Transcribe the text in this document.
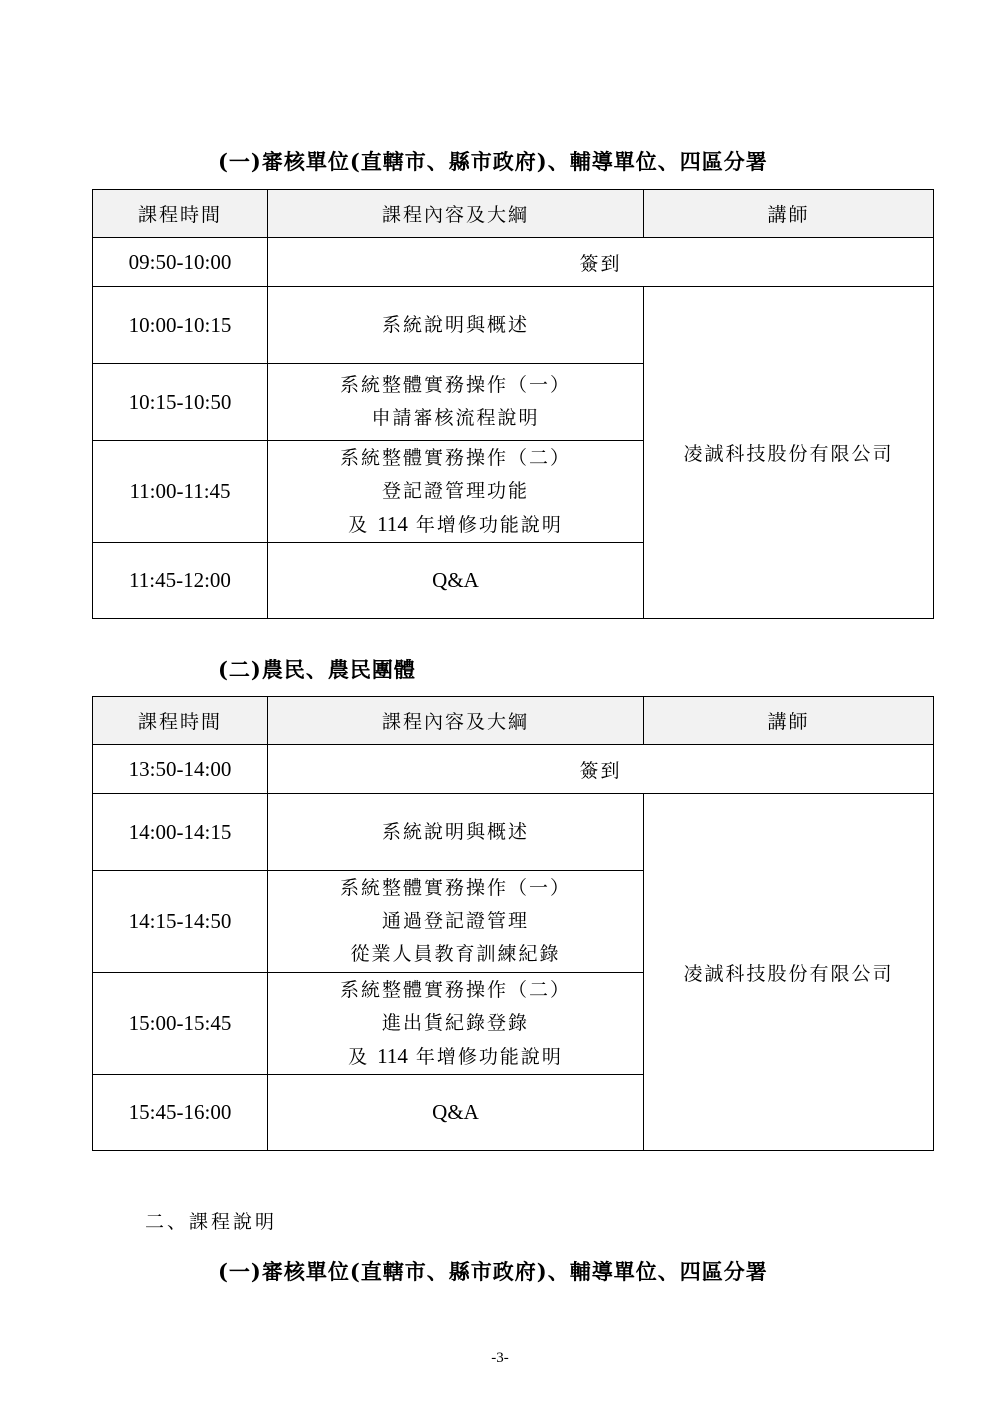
(一)審核單位(直轄市、縣市政府)、輔導單位、四區分署
課程時間	課程內容及大綱	講師
09:50-10:00	簽到	
10:00-10:15	系統說明與概述	凌誠科技股份有限公司
10:15-10:50	系統整體實務操作（一）
申請審核流程說明	

11:00-11:45	系統整體實務操作（二）
登記證管理功能
及 114 年增修功能說明	

11:45-12:00	Q&A	
(二)農民、農民團體
課程時間	課程內容及大綱	講師
13:50-14:00	簽到	
14:00-14:15	系統說明與概述	凌誠科技股份有限公司
14:15-14:50	系統整體實務操作（一）
通過登記證管理
從業人員教育訓練紀錄	

15:00-15:45	系統整體實務操作（二）
進出貨紀錄登錄
及 114 年增修功能說明	

15:45-16:00	Q&A	
二、課程說明
(一)審核單位(直轄市、縣市政府)、輔導單位、四區分署
-3-
